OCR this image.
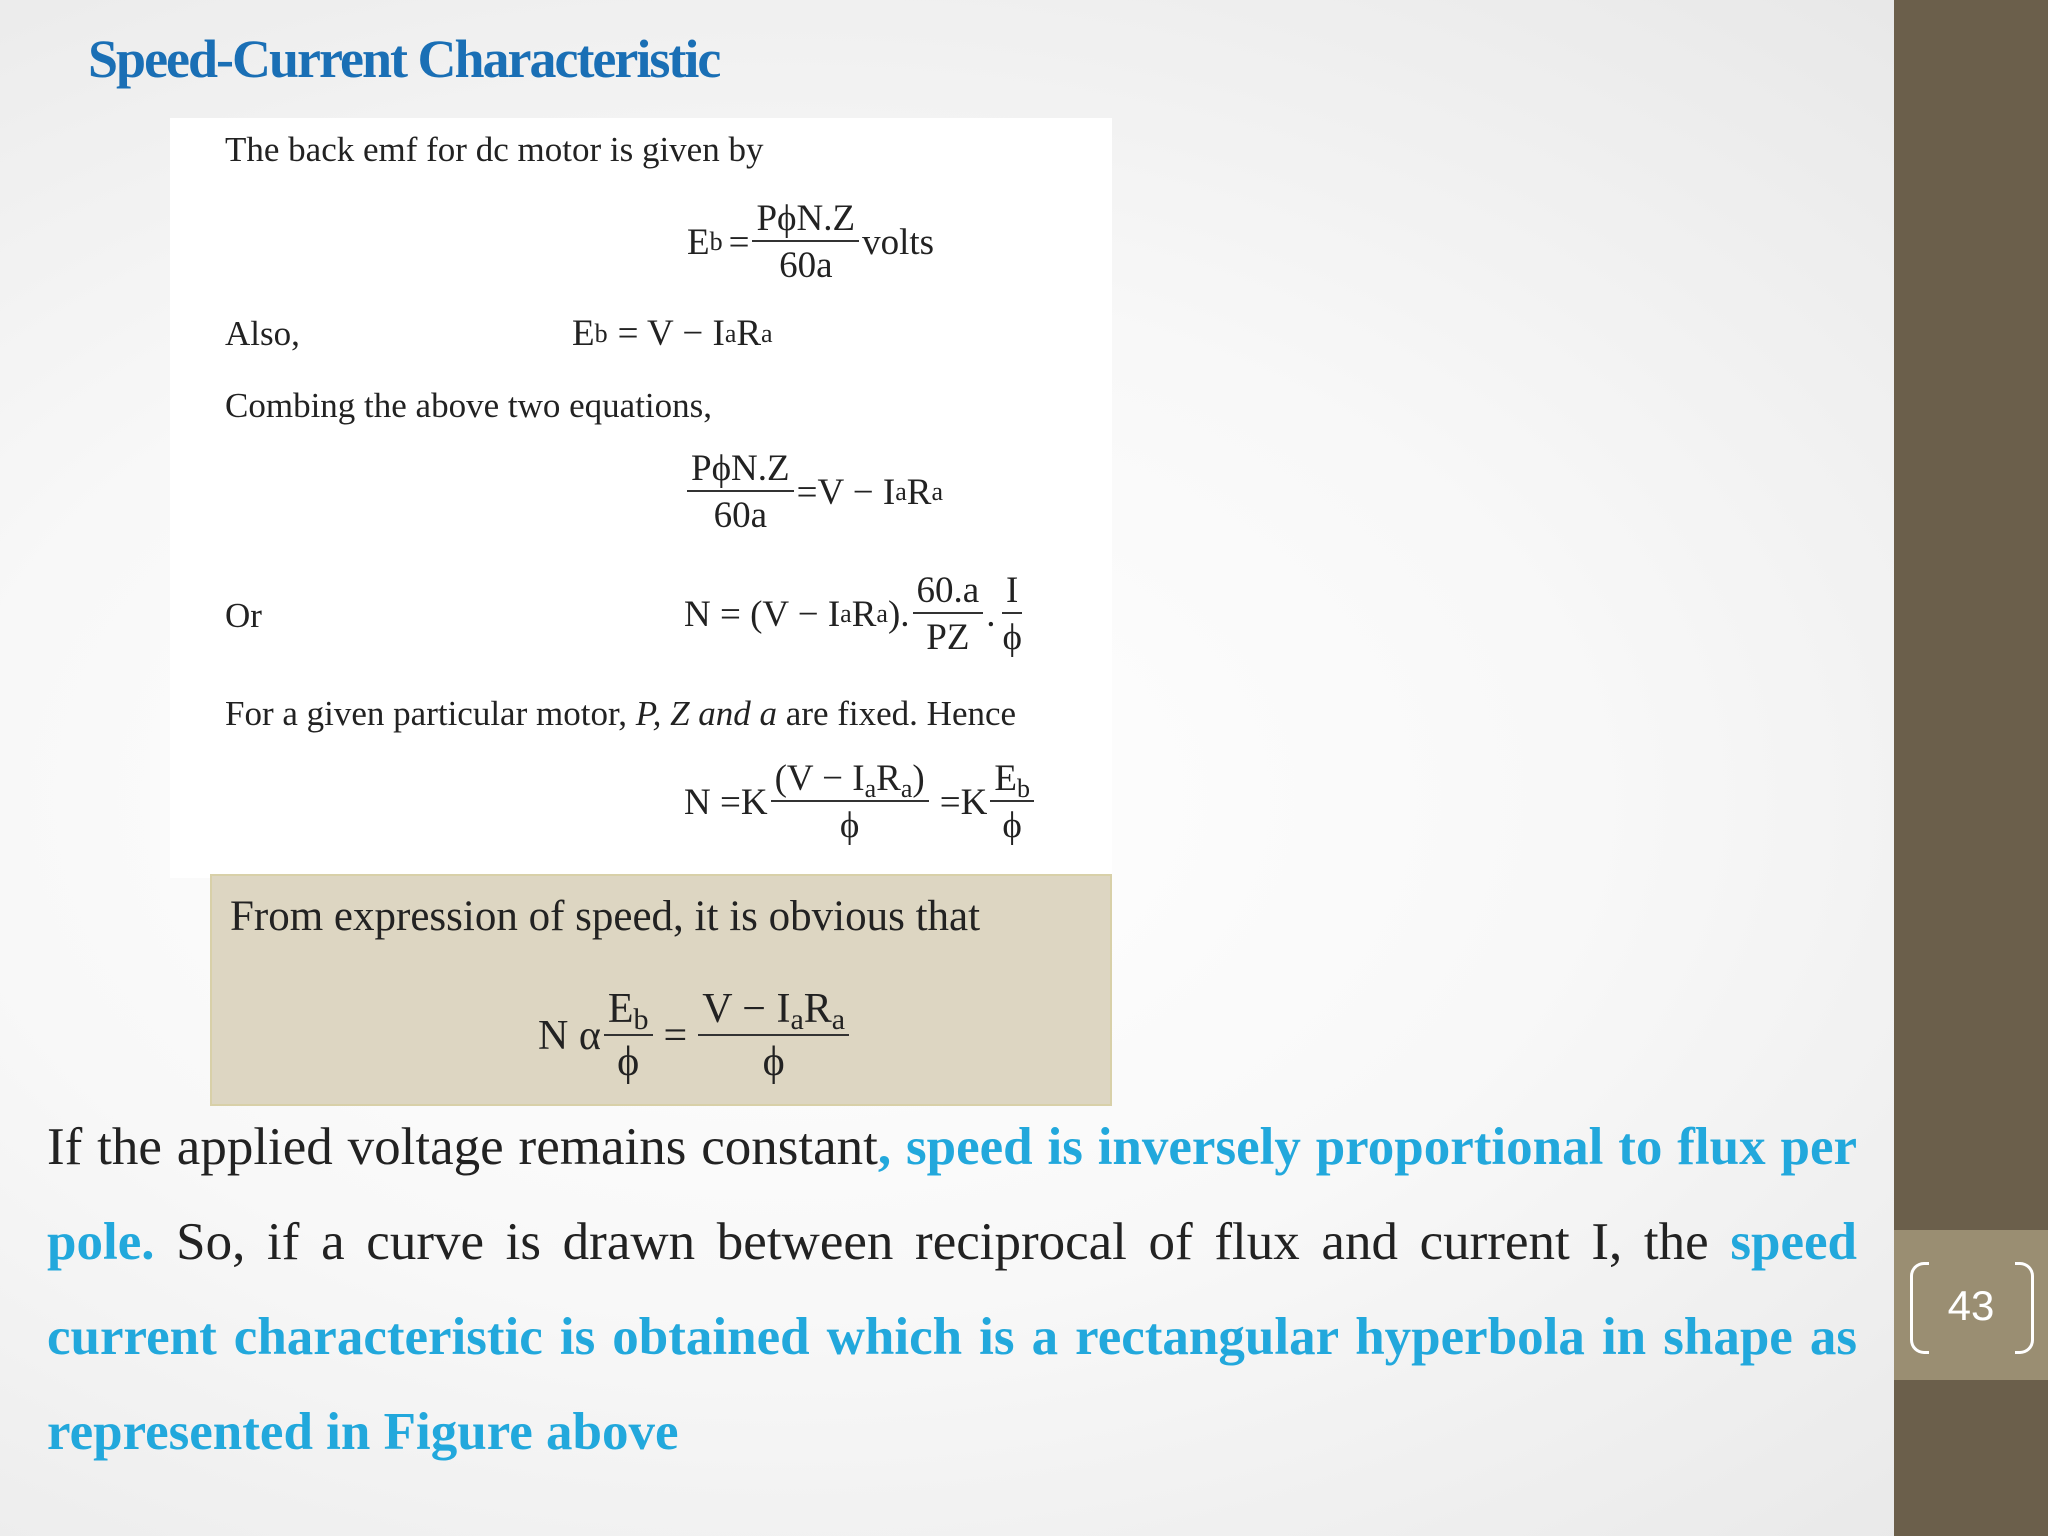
43
Speed-Current Characteristic
The back emf for dc motor is given by
E $b = \frac{\text{PϕN.Z}}{60a}$ volts
Also,	E b = V − I a R a
Combing the above two equations,
$\frac{\text{PϕN.Z}}{60a} =V - I$ a R a
Or	N = (V − I a R a ). $\frac{60.a}{PZ}$ . $\frac{I}{\phi}$
For a given particular motor, P, Z and a are fixed. Hence
$N =K \frac{(V - I_aR_a)}{\phi} =K \frac{E_b}{\phi}$
From expression of speed, it is obvious that
N α $\frac{E_b}{\phi} = \frac{V - I_aR_a}{\phi}$

If the applied voltage remains constant, speed is inversely proportional to flux per pole. So, if a curve is drawn between reciprocal of flux and current I, the speed current characteristic is obtained which is a rectangular hyperbola in shape as represented in Figure above
